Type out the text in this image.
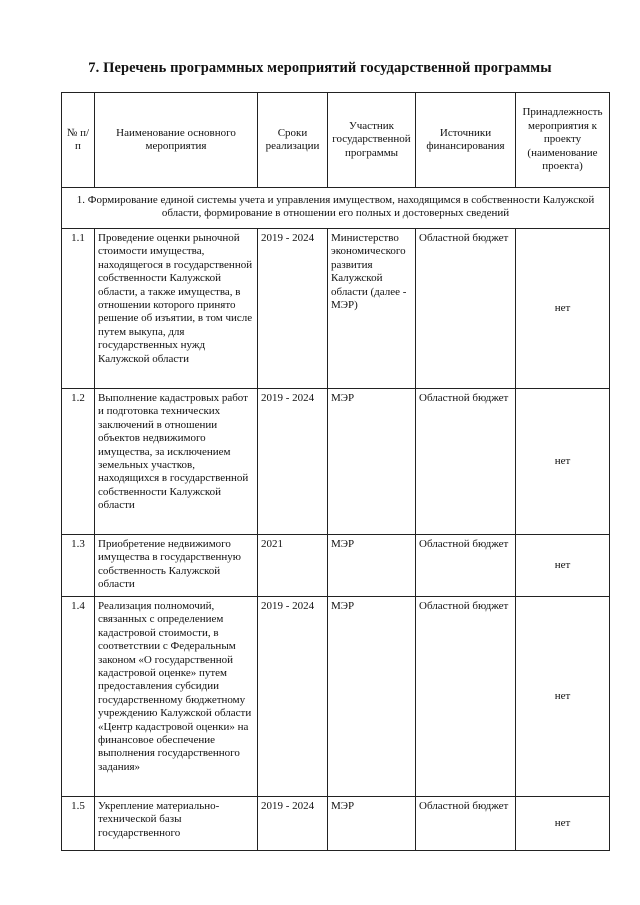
7. Перечень программных мероприятий государственной программы
№ п/п	Наименование основного мероприятия	Сроки реализации	Участник государственной программы	Источники финансирования	Принадлежность мероприятия к проекту (наименование проекта)
1. Формирование единой системы учета и управления имуществом, находящимся в собственности Калужской области, формирование в отношении его полных и достоверных сведений					
1.1	Проведение оценки рыночной стоимости имущества, находящегося в государственной собственности Калужской области, а также имущества, в отношении которого принято решение об изъятии, в том числе путем выкупа, для государственных нужд Калужской области	2019 - 2024	Министерство экономического развития Калужской области (далее - МЭР)	Областной бюджет	нет
1.2	Выполнение кадастровых работ и подготовка технических заключений в отношении объектов недвижимого имущества, за исключением земельных участков, находящихся в государственной собственности Калужской области	2019 - 2024	МЭР	Областной бюджет	нет
1.3	Приобретение недвижимого имущества в государственную собственность Калужской области	2021	МЭР	Областной бюджет	нет
1.4	Реализация полномочий, связанных с определением кадастровой стоимости, в соответствии с Федеральным законом «О государственной кадастровой оценке» путем предоставления субсидии государственному бюджетному учреждению Калужской области «Центр кадастровой оценки» на финансовое обеспечение выполнения государственного задания»	2019 - 2024	МЭР	Областной бюджет	нет
1.5	Укрепление материально-технической базы государственного	2019 - 2024	МЭР	Областной бюджет	нет
